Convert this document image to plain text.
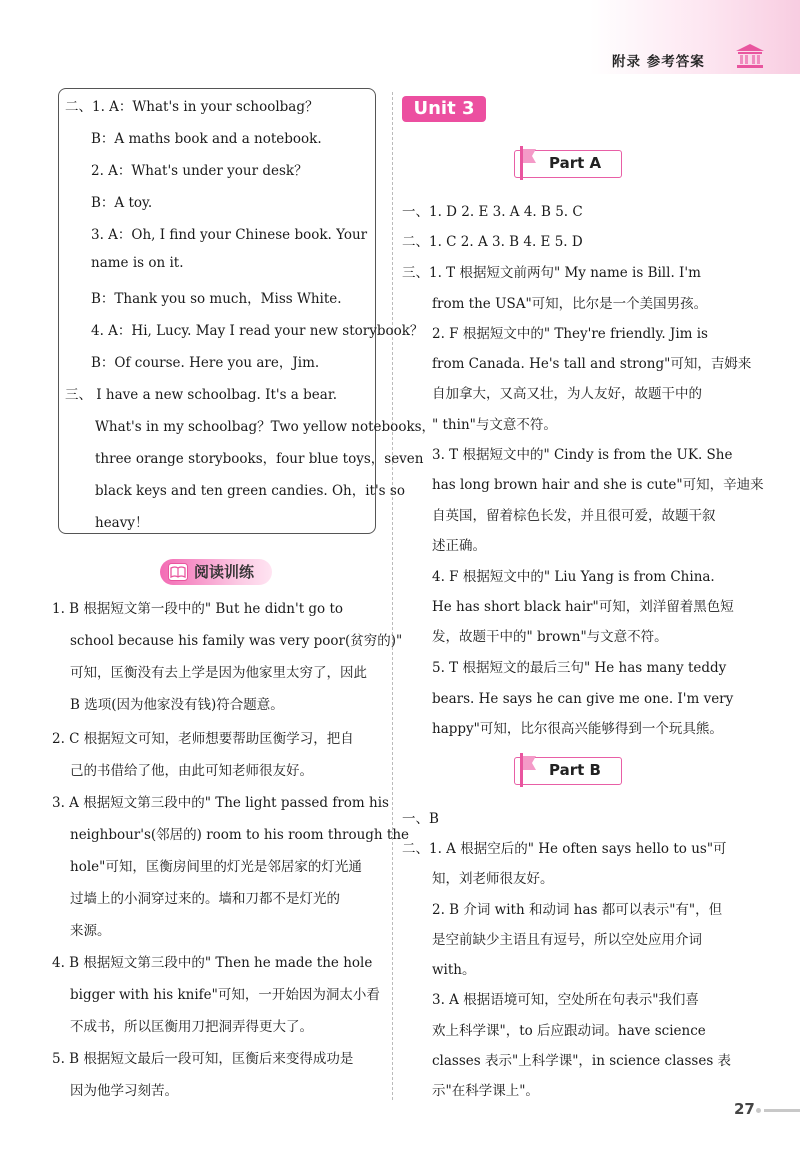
附录 参考答案
二、1. A：What's in your schoolbag？
B：A maths book and a notebook.
2. A：What's under your desk？
B：A toy.
3. A：Oh, I find your Chinese book. Your
name is on it.
B：Thank you so much，Miss White.
4. A：Hi, Lucy. May I read your new storybook？
B：Of course. Here you are，Jim.
三、 I have a new schoolbag. It's a bear.
What's in my schoolbag？Two yellow notebooks，
three orange storybooks，four blue toys，seven
black keys and ten green candies. Oh，it's so
heavy！
阅读训练
1. B 根据短文第一段中的" But he didn't go to
school because his family was very poor(贫穷的)"
可知，匡衡没有去上学是因为他家里太穷了，因此
B 选项(因为他家没有钱)符合题意。
2. C 根据短文可知，老师想要帮助匡衡学习，把自
己的书借给了他，由此可知老师很友好。
3. A 根据短文第三段中的" The light passed from his
neighbour's(邻居的) room to his room through the
hole"可知，匡衡房间里的灯光是邻居家的灯光通
过墙上的小洞穿过来的。墙和刀都不是灯光的
来源。
4. B 根据短文第三段中的" Then he made the hole
bigger with his knife"可知，一开始因为洞太小看
不成书，所以匡衡用刀把洞弄得更大了。
5. B 根据短文最后一段可知，匡衡后来变得成功是
因为他学习刻苦。
Unit 3
Part A
一、1. D 2. E 3. A 4. B 5. C
二、1. C 2. A 3. B 4. E 5. D
三、1. T 根据短文前两句" My name is Bill. I'm
from the USA"可知，比尔是一个美国男孩。
2. F 根据短文中的" They're friendly. Jim is
from Canada. He's tall and strong"可知，吉姆来
自加拿大，又高又壮，为人友好，故题干中的
" thin"与文意不符。
3. T 根据短文中的" Cindy is from the UK. She
has long brown hair and she is cute"可知，辛迪来
自英国，留着棕色长发，并且很可爱，故题干叙
述正确。
4. F 根据短文中的" Liu Yang is from China.
He has short black hair"可知，刘洋留着黑色短
发，故题干中的" brown"与文意不符。
5. T 根据短文的最后三句" He has many teddy
bears. He says he can give me one. I'm very
happy"可知，比尔很高兴能够得到一个玩具熊。
Part B
一、B
二、1. A 根据空后的" He often says hello to us"可
知，刘老师很友好。
2. B 介词 with 和动词 has 都可以表示"有"，但
是空前缺少主语且有逗号，所以空处应用介词
with。
3. A 根据语境可知，空处所在句表示"我们喜
欢上科学课"，to 后应跟动词。have science
classes 表示"上科学课"，in science classes 表
示"在科学课上"。
27
